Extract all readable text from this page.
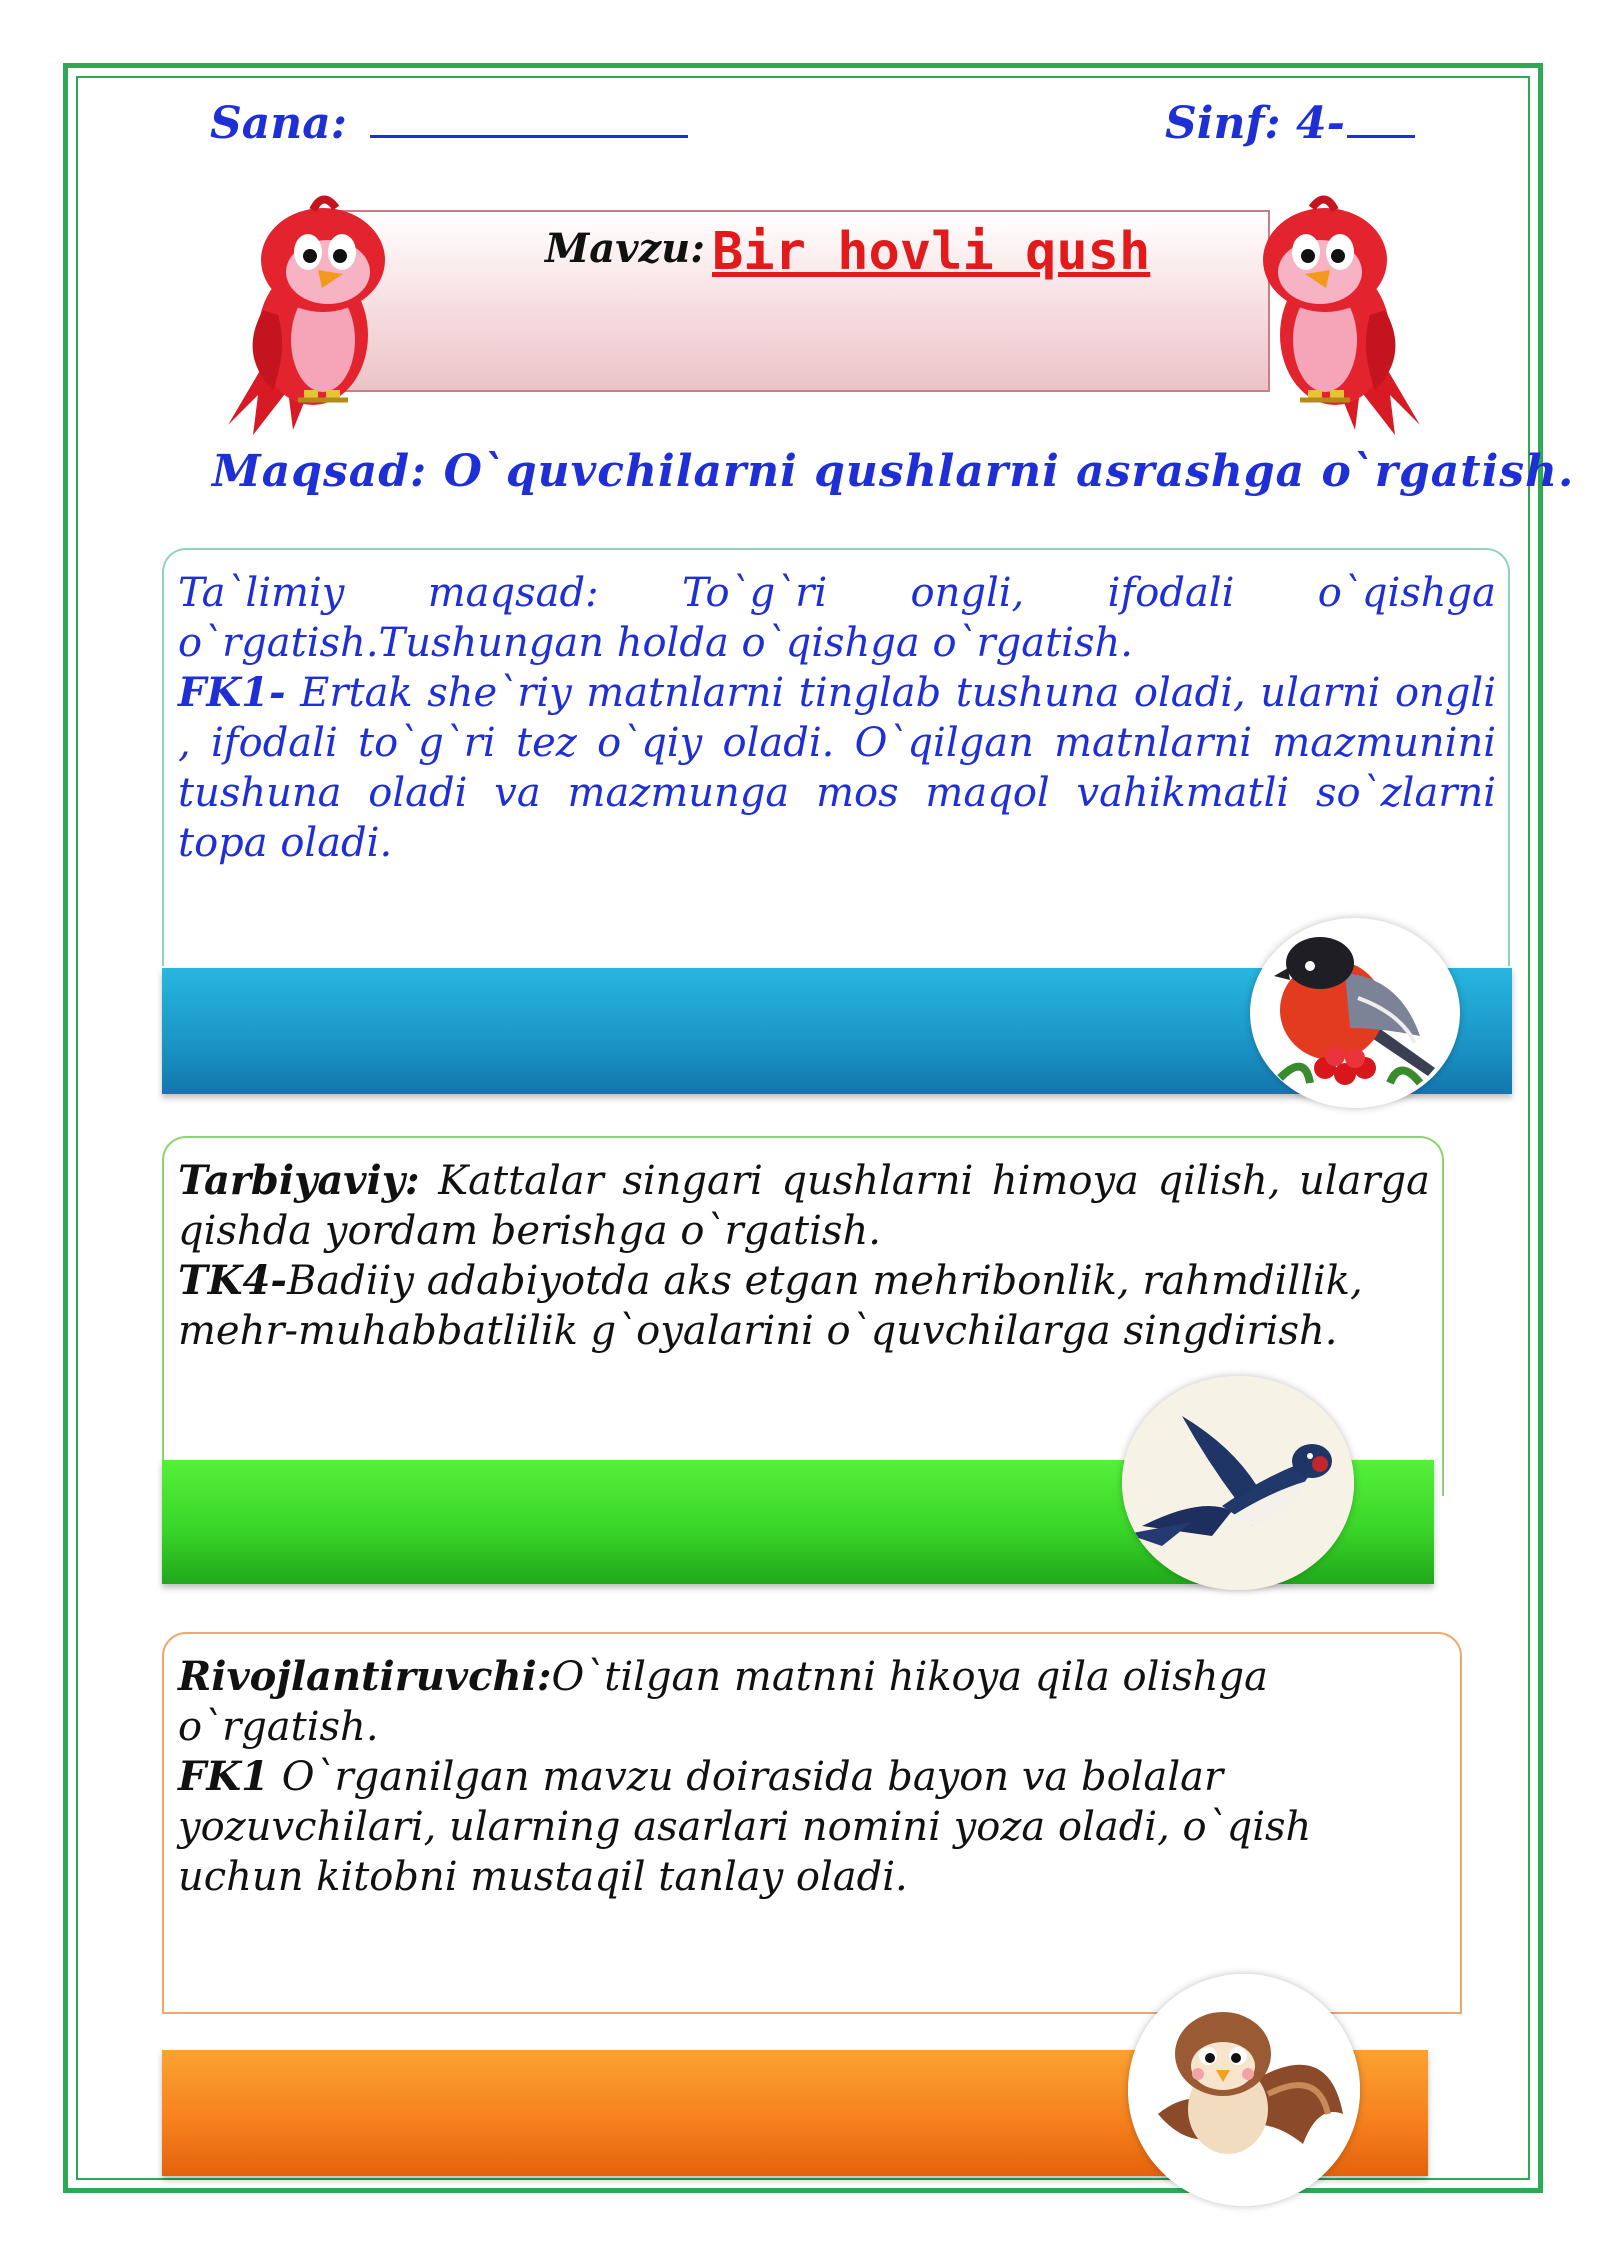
Sana:	Sinf: 4-
Mavzu: Bir hovli qush
Maqsad: O`quvchilarni qushlarni asrashga o`rgatish.
Ta`limiy maqsad: To`g`ri ongli, ifodali o`qishga o`rgatish.Tushungan holda o`qishga o`rgatish.
FK1- Ertak she`riy matnlarni tinglab tushuna oladi, ularni ongli , ifodali to`g`ri tez o`qiy oladi. O`qilgan matnlarni mazmunini tushuna oladi va mazmunga mos maqol vahikmatli so`zlarni topa oladi.
Tarbiyaviy: Kattalar singari qushlarni himoya qilish, ularga qishda yordam berishga o`rgatish.
TK4-Badiiy adabiyotda aks etgan mehribonlik, rahmdillik, mehr-muhabbatlilik g`oyalarini o`quvchilarga singdirish.
Rivojlantiruvchi:O`tilgan matnni hikoya qila olishga o`rgatish.
FK1 O`rganilgan mavzu doirasida bayon va bolalar yozuvchilari, ularning asarlari nomini yoza oladi, o`qish uchun kitobni mustaqil tanlay oladi.
